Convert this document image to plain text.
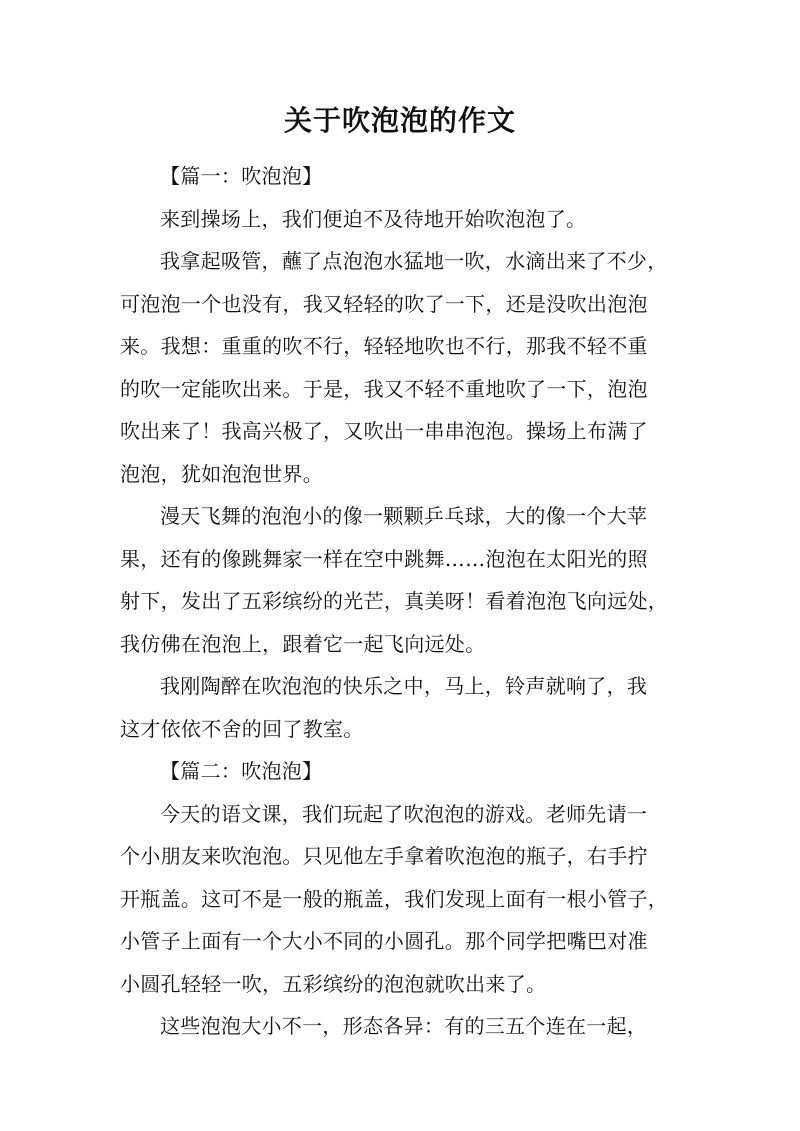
关于吹泡泡的作文

【篇一：吹泡泡】

来到操场上，我们便迫不及待地开始吹泡泡了。

我拿起吸管，蘸了点泡泡水猛地一吹，水滴出来了不少，
可泡泡一个也没有，我又轻轻的吹了一下，还是没吹出泡泡
来。我想：重重的吹不行，轻轻地吹也不行，那我不轻不重
的吹一定能吹出来。于是，我又不轻不重地吹了一下，泡泡
吹出来了！我高兴极了，又吹出一串串泡泡。操场上布满了
泡泡，犹如泡泡世界。

漫天飞舞的泡泡小的像一颗颗乒乓球，大的像一个大苹
果，还有的像跳舞家一样在空中跳舞……泡泡在太阳光的照
射下，发出了五彩缤纷的光芒，真美呀！看着泡泡飞向远处，
我仿佛在泡泡上，跟着它一起飞向远处。

我刚陶醉在吹泡泡的快乐之中，马上，铃声就响了，我
这才依依不舍的回了教室。

【篇二：吹泡泡】

今天的语文课，我们玩起了吹泡泡的游戏。老师先请一
个小朋友来吹泡泡。只见他左手拿着吹泡泡的瓶子，右手拧
开瓶盖。这可不是一般的瓶盖，我们发现上面有一根小管子，
小管子上面有一个大小不同的小圆孔。那个同学把嘴巴对准
小圆孔轻轻一吹，五彩缤纷的泡泡就吹出来了。

这些泡泡大小不一，形态各异：有的三五个连在一起，
